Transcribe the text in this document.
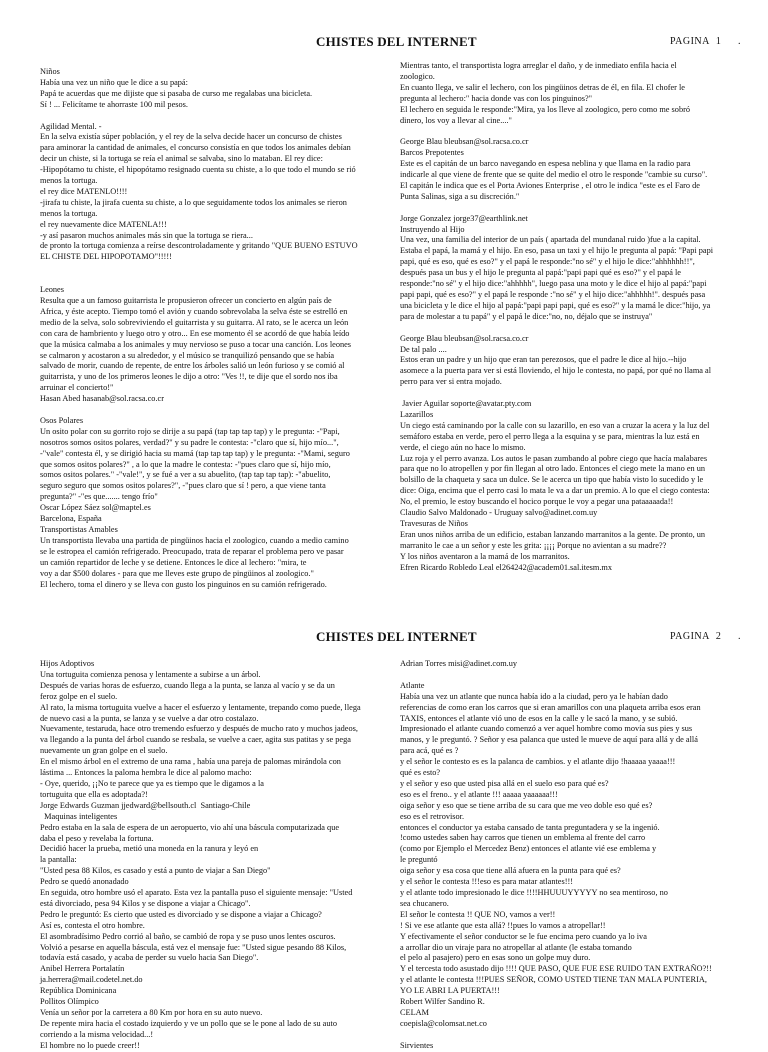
CHISTES DEL INTERNET	PAGINA 1 .
Niños
Había una vez un niño que le dice a su papá:
Papá te acuerdas que me dijiste que si pasaba de curso me regalabas una bicicleta.
Sí ! ... Felicítame te ahorraste 100 mil pesos.
Agilidad Mental. -
En la selva existía súper población, y el rey de la selva decide hacer un concurso de chistes
para aminorar la cantidad de animales, el concurso consistía en que todos los animales debían
decir un chiste, si la tortuga se reía el animal se salvaba, sino lo mataban. El rey dice:
-Hipopótamo tu chiste, el hipopótamo resignado cuenta su chiste, a lo que todo el mundo se rió
menos la tortuga.
el rey dice MATENLO!!!!
-jirafa tu chiste, la jirafa cuenta su chiste, a lo que seguidamente todos los animales se rieron
menos la tortuga.
el rey nuevamente dice MATENLA!!!
-y así pasaron muchos animales más sin que la tortuga se riera...
de pronto la tortuga comienza a reírse descontroladamente y gritando "QUE BUENO ESTUVO
EL CHISTE DEL HIPOPOTAMO"!!!!!

Leones
Resulta que a un famoso guitarrista le propusieron ofrecer un concierto en algún país de
Africa, y éste acepto. Tiempo tomó el avión y cuando sobrevolaba la selva éste se estrelló en
medio de la selva, solo sobreviviendo el guitarrista y su guitarra. Al rato, se le acerca un león
con cara de hambriento y luego otro y otro... En ese momento él se acordó de que había leído
que la música calmaba a los animales y muy nervioso se puso a tocar una canción. Los leones
se calmaron y acostaron a su alrededor, y el músico se tranquilizó pensando que se había
salvado de morir, cuando de repente, de entre los árboles salió un león furioso y se comió al
guitarrista, y uno de los primeros leones le dijo a otro: "Ves !!, te dije que el sordo nos iba
arruinar el concierto!"
Hasan Abed hasanab@sol.racsa.co.cr
Osos Polares
Un osito polar con su gorrito rojo se dirije a su papá (tap tap tap tap) y le pregunta: -"Papi,
nosotros somos ositos polares, verdad?" y su padre le contesta: -"claro que sí, hijo mío...",
-"vale" contesta él, y se dirigió hacia su mamá (tap tap tap tap) y le pregunta: -"Mami, seguro
que somos ositos polares?" , a lo que la madre le contesta: -"pues claro que sí, hijo mío,
somos ositos polares." -"vale!", y se fué a ver a su abuelito, (tap tap tap tap): -"abuelito,
seguro seguro que somos ositos polares?", -"pues claro que sí ! pero, a que viene tanta
pregunta?" -"es que....... tengo frío"
Oscar López Sáez sol@maptel.es
Barcelona, España
Transportistas Amables
Un transportista llevaba una partida de pingüinos hacia el zoologico, cuando a medio camino
se le estropea el camión refrigerado. Preocupado, trata de reparar el problema pero ve pasar
un camión repartidor de leche y se detiene. Entonces le dice al lechero: "mira, te
voy a dar $500 dolares - para que me lleves este grupo de pingüinos al zoologico."
El lechero, toma el dinero y se lleva con gusto los pinguinos en su camión refrigerado.
Mientras tanto, el transportista logra arreglar el daño, y de inmediato enfila hacia el
zoologico.
En cuanto llega, ve salir el lechero, con los pingüinos detras de él, en fila. El chofer le
pregunta al lechero:" hacia donde vas con los pinguinos?"
El lechero en seguida le responde:"Mira, ya los lleve al zoologico, pero como me sobró
dinero, los voy a llevar al cine...."
George Blau bleubsan@sol.racsa.co.cr
Barcos Prepotentes
Este es el capitán de un barco navegando en espesa neblina y que llama en la radio para
indicarle al que viene de frente que se quite del medio el otro le responde "cambie su curso".
El capitán le indica que es el Porta Aviones Enterprise , el otro le indica "este es el Faro de
Punta Salinas, siga a su discreción."
Jorge Gonzalez jorge37@earthlink.net
Instruyendo al Hijo
Una vez, una familia del interior de un país ( apartada del mundanal ruido )fue a la capital.
Estaba el papá, la mamá y el hijo. En eso, pasa un taxi y el hijo le pregunta al papá: "Papi papi
papi, qué es eso, qué es eso?" y el papá le responde:"no sé" y el hijo le dice:"ahhhhhh!!",
después pasa un bus y el hijo le pregunta al papá:"papi papi qué es eso?" y el papá le
responde:"no sé" y el hijo dice:"ahhhhh", luego pasa una moto y le dice el hijo al papá:"papi
papi papi, qué es eso?" y el papá le responde :"no sé" y el hijo dice:"ahhhhh!". después pasa
una bicicleta y le dice el hijo al papá:"papi papi papi, qué es eso?" y la mamá le dice:"hijo, ya
para de molestar a tu papá" y el papá le dice:"no, no, déjalo que se instruya"
George Blau bleubsan@sol.racsa.co.cr
De tal palo ....
Estos eran un padre y un hijo que eran tan perezosos, que el padre le dice al hijo.--hijo
asomece a la puerta para ver si está lloviendo, el hijo le contesta, no papá, por qué no llama al
perro para ver si entra mojado.
Javier Aguilar soporte@avatar.pty.com
Lazarillos
Un ciego está caminando por la calle con su lazarillo, en eso van a cruzar la acera y la luz del
semáforo estaba en verde, pero el perro llega a la esquina y se para, mientras la luz está en
verde, el ciego aún no hace lo mismo.
Luz roja y el perro avanza. Los autos le pasan zumbando al pobre ciego que hacía malabares
para que no lo atropellen y por fin llegan al otro lado. Entonces el ciego mete la mano en un
bolsillo de la chaqueta y saca un dulce. Se le acerca un tipo que había visto lo sucedido y le
dice: Oiga, encima que el perro casi lo mata le va a dar un premio. A lo que el ciego contesta:
No, el premio, le estoy buscando el hocico porque le voy a pegar una pataaaaada!!
Claudio Salvo Maldonado - Uruguay salvo@adinet.com.uy
Travesuras de Niños
Eran unos niños arriba de un edificio, estaban lanzando marranitos a la gente. De pronto, un
marranito le cae a un señor y este les grita: ¡¡¡¡ Porque no avientan a su madre??
Y los niños aventaron a la mamá de los marranitos.
Efren Ricardo Robledo Leal el264242@academ01.sal.itesm.mx
CHISTES DEL INTERNET	PAGINA 2 .
Hijos Adoptivos
Una tortuguita comienza penosa y lentamente a subirse a un árbol.
Después de varias horas de esfuerzo, cuando llega a la punta, se lanza al vacío y se da un
feroz golpe en el suelo.
Al rato, la misma tortuguita vuelve a hacer el esfuerzo y lentamente, trepando como puede, llega
de nuevo casi a la punta, se lanza y se vuelve a dar otro costalazo.
Nuevamente, testaruda, hace otro tremendo esfuerzo y después de mucho rato y muchos jadeos,
va llegando a la punta del árbol cuando se resbala, se vuelve a caer, agita sus patitas y se pega
nuevamente un gran golpe en el suelo.
En el mismo árbol en el extremo de una rama , había una pareja de palomas mirándola con
lástima ... Entonces la paloma hembra le dice al palomo macho:
- Oye, querido, ¡¡No te parece que ya es tiempo que le digamos a la
tortuguita que ella es adoptada?!
Jorge Edwards Guzman jjedward@bellsouth.cl  Santiago-Chile
Maquinas inteligentes
Pedro estaba en la sala de espera de un aeropuerto, vio ahí una báscula computarizada que
daba el peso y revelaba la fortuna.
Decidió hacer la prueba, metió una moneda en la ranura y leyó en
la pantalla:
"Usted pesa 88 Kilos, es casado y está a punto de viajar a San Diego"
Pedro se quedó anonadado
En seguida, otro hombre usó el aparato. Esta vez la pantalla puso el siguiente mensaje: "Usted
está divorciado, pesa 94 Kilos y se dispone a viajar a Chicago".
Pedro le preguntó: Es cierto que usted es divorciado y se dispone a viajar a Chicago?
Así es, contesta el otro hombre.
El asombradísimo Pedro corrió al baño, se cambió de ropa y se puso unos lentes oscuros.
Volvió a pesarse en aquella báscula, está vez el mensaje fue: "Usted sigue pesando 88 Kilos,
todavía está casado, y acaba de perder su vuelo hacia San Diego".
Anibel Herrera Portalatín
ja.herrera@mail.codetel.net.do
República Dominicana
Pollitos Olímpico
Venía un señor por la carretera a 80 Km por hora en su auto nuevo.
De repente mira hacia el costado izquierdo y ve un pollo que se le pone al lado de su auto
corriendo a la misma velocidad...!
El hombre no lo puede creer!!
Adrian Torres misi@adinet.com.uy
Atlante
Había una vez un atlante que nunca había ido a la ciudad, pero ya le habían dado
referencias de como eran los carros que si eran amarillos con una plaqueta arriba esos eran
TAXIS, entonces el atlante vió uno de esos en la calle y le sacó la mano, y se subió.
Impresionado el atlante cuando comenzó a ver aquel hombre como movía sus pies y sus
manos, y le preguntó. ? Señor y esa palanca que usted le mueve de aquí para allá y de allá
para acá, qué es ?
y el señor le contesto es es la palanca de cambios. y el atlante dijo !haaaaa yaaaa!!!
qué es esto?
y el señor y eso que usted pisa allá en el suelo eso para qué es?
eso es el freno.. y el atlante !!! aaaaa yaaaaaa!!!
oiga señor y eso que se tiene arriba de su cara que me veo doble eso qué es?
eso es el retrovisor.
entonces el conductor ya estaba cansado de tanta preguntadera y se la ingenió.
!como ustedes saben hay carros que tienen un emblema al frente del carro
(como por Ejemplo el Mercedez Benz) entonces el atlante vié ese emblema y
le preguntó
oiga señor y esa cosa que tiene allá afuera en la punta para qué es?
y el señor le contesta !!!eso es para matar atlantes!!!
y el atlante todo impresionado le dice !!!!HHUUUYYYYY no sea mentiroso, no
sea chucanero.
El señor le contesta !! QUE NO, vamos a ver!!
! Si ve ese atlante que esta allá? !!pues lo vamos a atropellar!!
Y efectivamente el señor conductor se le fue encima pero cuando ya lo iva
a arrollar dio un viraje para no atropellar al atlante (le estaba tomando
el pelo al pasajero) pero en esas sono un golpe muy duro.
Y el tercesta todo asustado dijo !!!! QUE PASO, QUE FUE ESE RUIDO TAN EXTRAÑO?!!
y el atlante le contesta !!!PUES SEÑOR, COMO USTED TIENE TAN MALA PUNTERIA,
YO LE ABRI LA PUERTA!!!
Robert Wilfer Sandino R.
CELAM
coepisla@colomsat.net.co
Sirvientes
